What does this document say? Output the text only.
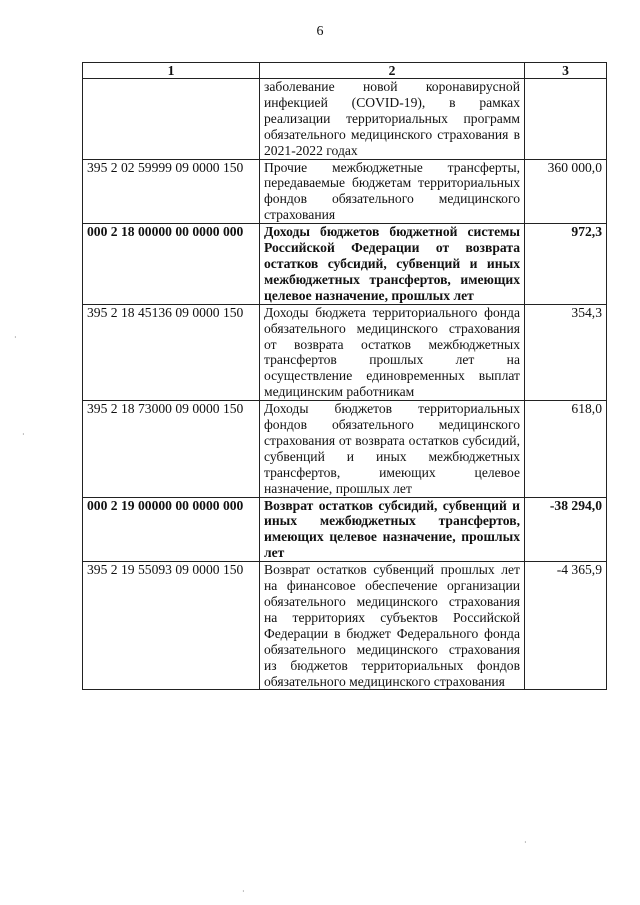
6
1	2	3
	заболевание новой коронавирусной инфекцией (COVID-19), в рамках реализации территориальных программ обязательного медицинского страхования в 2021-2022 годах	
395 2 02 59999 09 0000 150	Прочие межбюджетные трансферты, передаваемые бюджетам территориальных фондов обязательного медицинского страхования	360 000,0
000 2 18 00000 00 0000 000	Доходы бюджетов бюджетной системы Российской Федерации от возврата остатков субсидий, субвенций и иных межбюджетных трансфертов, имеющих целевое назначение, прошлых лет	972,3
395 2 18 45136 09 0000 150	Доходы бюджета территориального фонда обязательного медицинского страхования от возврата остатков межбюджетных трансфертов прошлых лет на осуществление единовременных выплат медицинским работникам	354,3
395 2 18 73000 09 0000 150	Доходы бюджетов территориальных фондов обязательного медицинского страхования от возврата остатков субсидий, субвенций и иных межбюджетных трансфертов, имеющих целевое назначение, прошлых лет	618,0
000 2 19 00000 00 0000 000	Возврат остатков субсидий, субвенций и иных межбюджетных трансфертов, имеющих целевое назначение, прошлых лет	-38 294,0
395 2 19 55093 09 0000 150	Возврат остатков субвенций прошлых лет на финансовое обеспечение организации обязательного медицинского страхования на территориях субъектов Российской Федерации в бюджет Федерального фонда обязательного медицинского страхования из бюджетов территориальных фондов обязательного медицинского страхования	-4 365,9
·
·
·
·
